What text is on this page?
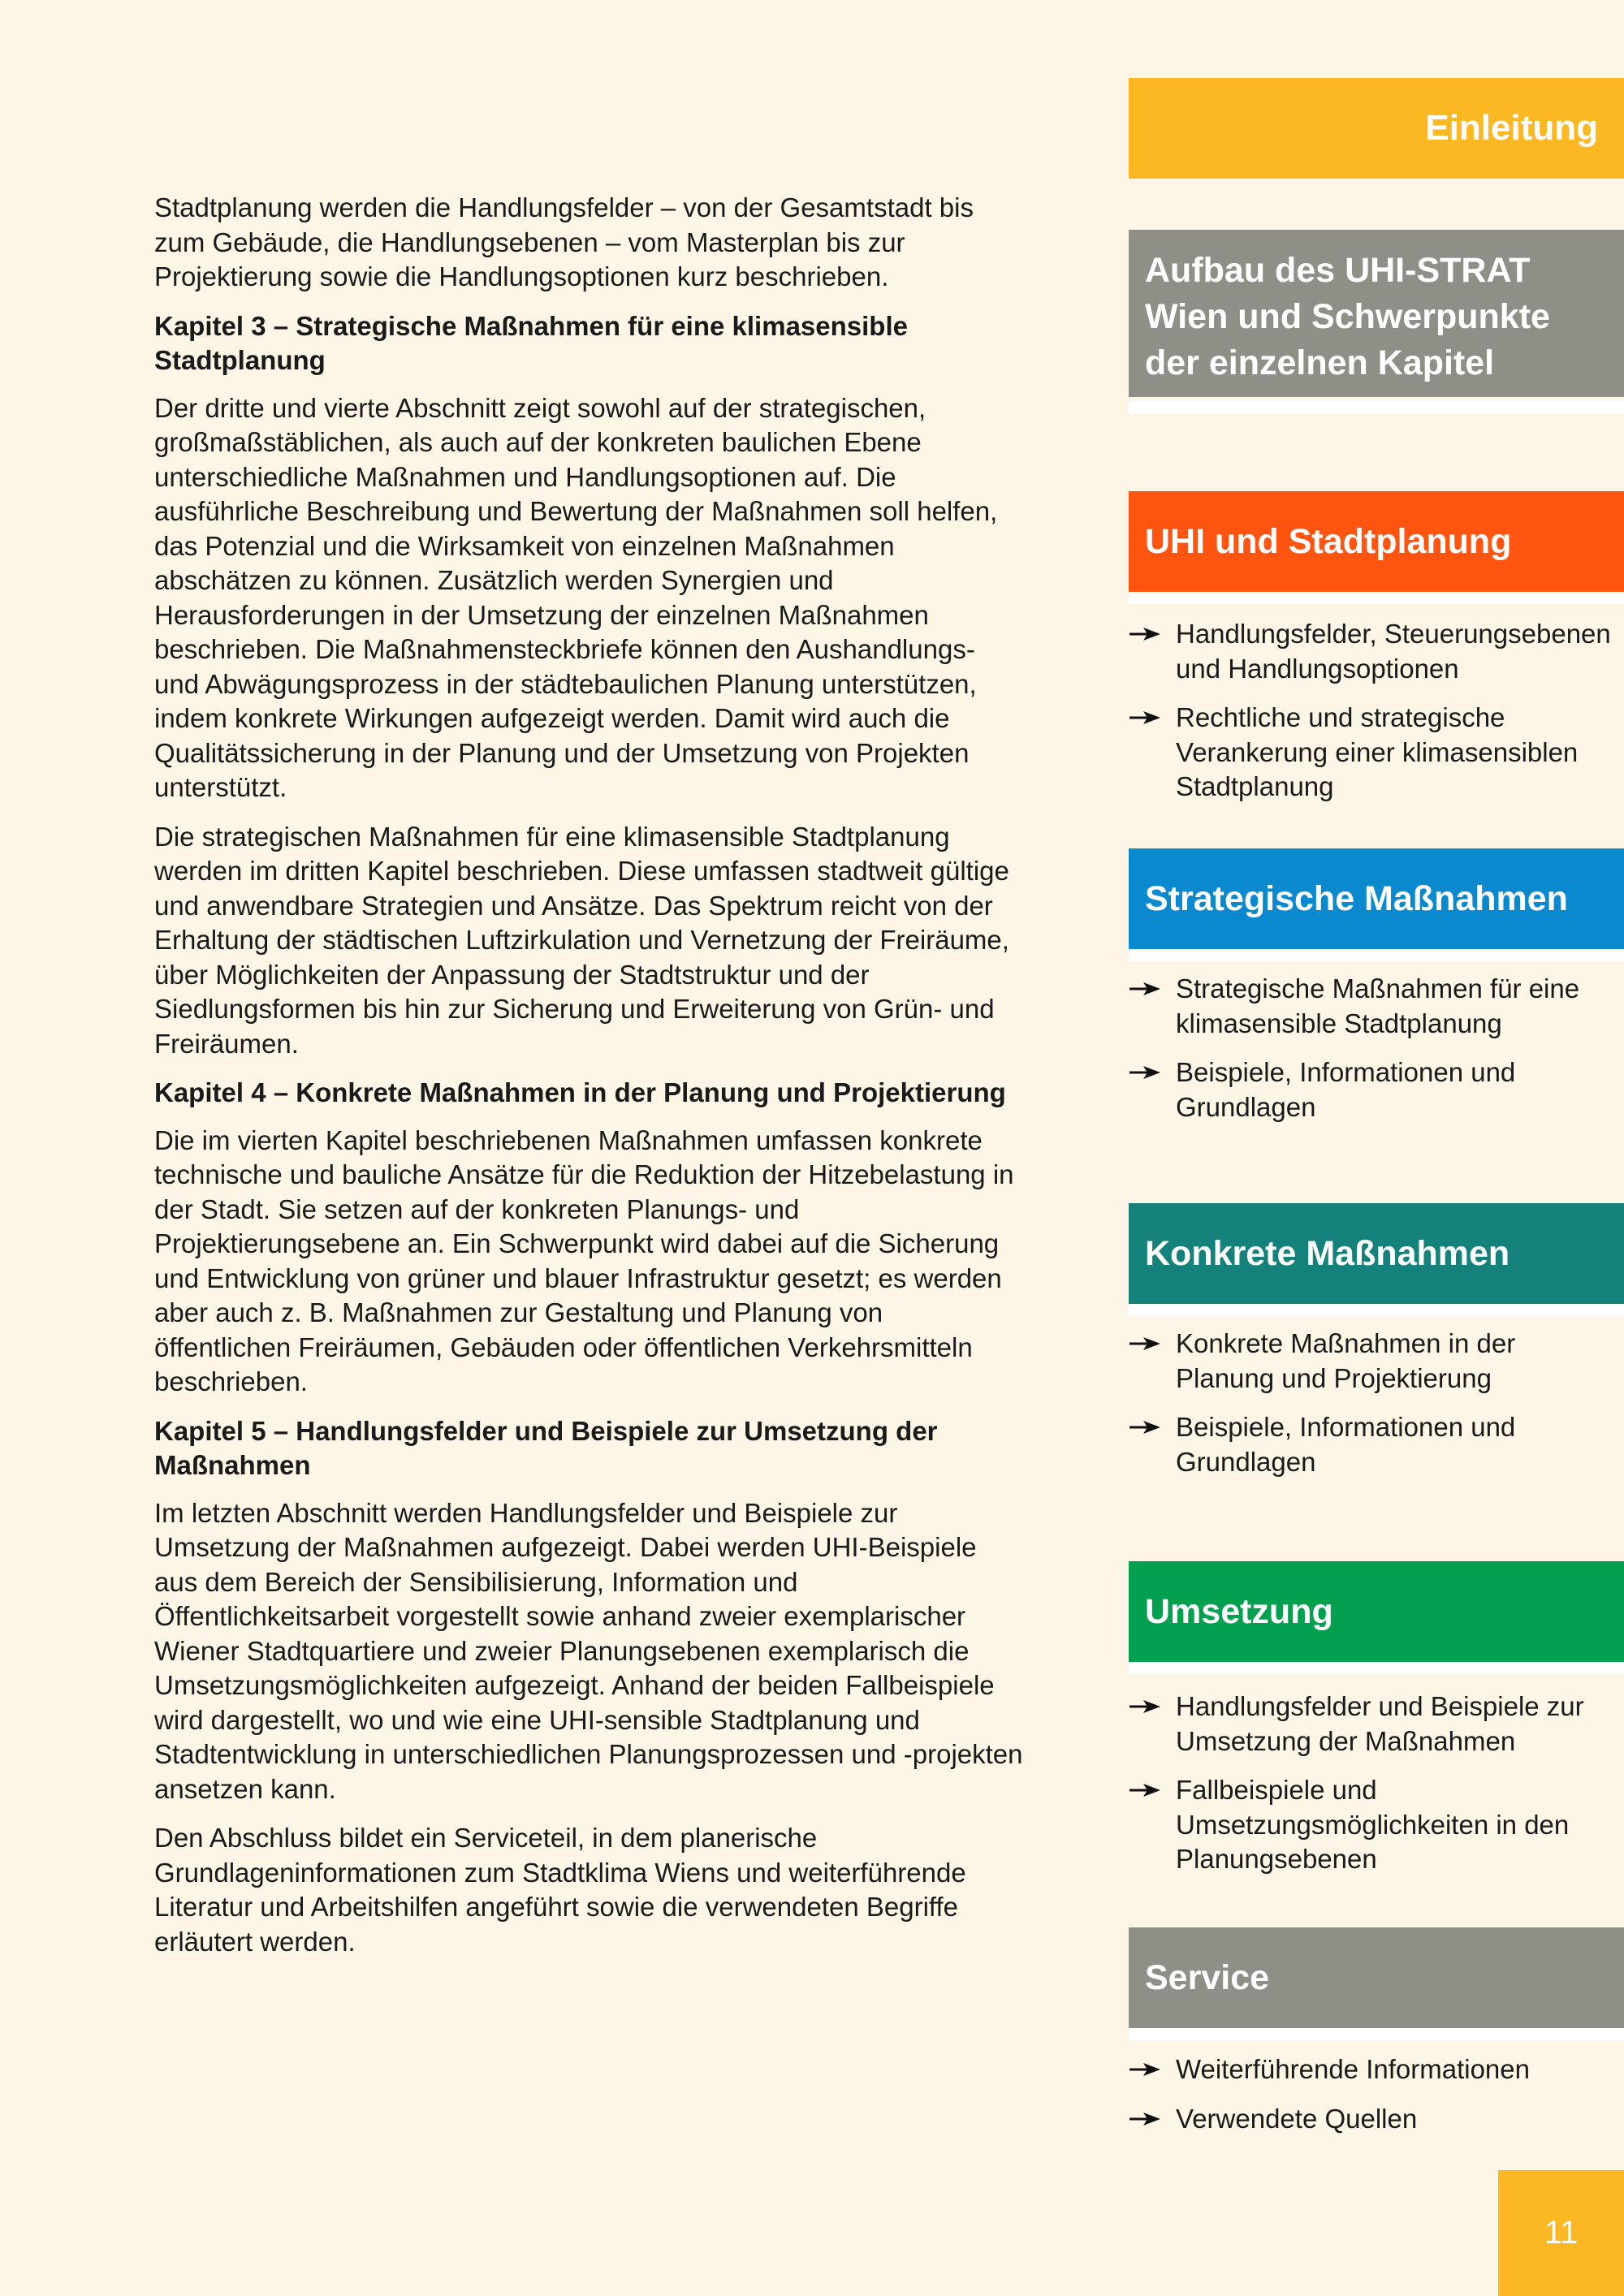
Stadtplanung werden die Handlungsfelder – von der Gesamtstadt bis zum Gebäude, die Handlungsebenen – vom Masterplan bis zur Projektierung sowie die Handlungsoptionen kurz beschrieben.

Kapitel 3 – Strategische Maßnahmen für eine klimasensible Stadtplanung

Der dritte und vierte Abschnitt zeigt sowohl auf der strategischen, großmaßstäblichen, als auch auf der konkreten baulichen Ebene unterschiedliche Maßnahmen und Handlungsoptionen auf. Die ausführliche Beschreibung und Bewertung der Maßnahmen soll helfen, das Potenzial und die Wirksamkeit von einzelnen Maßnahmen abschätzen zu können. Zusätzlich werden Synergien und Herausforderungen in der Umsetzung der einzelnen Maßnahmen beschrieben. Die Maßnahmensteckbriefe können den Aushandlungs- und Abwägungsprozess in der städtebaulichen Planung unterstützen, indem konkrete Wirkungen aufgezeigt werden. Damit wird auch die Qualitätssicherung in der Planung und der Umsetzung von Projekten unterstützt.

Die strategischen Maßnahmen für eine klimasensible Stadtplanung werden im dritten Kapitel beschrieben. Diese umfassen stadtweit gültige und anwendbare Strategien und Ansätze. Das Spektrum reicht von der Erhaltung der städtischen Luftzirkulation und Vernetzung der Freiräume, über Möglichkeiten der Anpassung der Stadtstruktur und der Siedlungsformen bis hin zur Sicherung und Erweiterung von Grün- und Freiräumen.

Kapitel 4 – Konkrete Maßnahmen in der Planung und Projektierung

Die im vierten Kapitel beschriebenen Maßnahmen umfassen konkrete technische und bauliche Ansätze für die Reduktion der Hitzebelastung in der Stadt. Sie setzen auf der konkreten Planungs- und Projektierungsebene an. Ein Schwerpunkt wird dabei auf die Sicherung und Entwicklung von grüner und blauer Infrastruktur gesetzt; es werden aber auch z. B. Maßnahmen zur Gestaltung und Planung von öffentlichen Freiräumen, Gebäuden oder öffentlichen Verkehrsmitteln beschrieben.

Kapitel 5 – Handlungsfelder und Beispiele zur Umsetzung der Maßnahmen

Im letzten Abschnitt werden Handlungsfelder und Beispiele zur Umsetzung der Maßnahmen aufgezeigt. Dabei werden UHI-Beispiele aus dem Bereich der Sensibilisierung, Information und Öffentlichkeitsarbeit vorgestellt sowie anhand zweier exemplarischer Wiener Stadtquartiere und zweier Planungsebenen exemplarisch die Umsetzungsmöglichkeiten aufgezeigt. Anhand der beiden Fallbeispiele wird dargestellt, wo und wie eine UHI-sensible Stadtplanung und Stadtentwicklung in unterschiedlichen Planungsprozessen und -projekten ansetzen kann.

Den Abschluss bildet ein Serviceteil, in dem planerische Grundlageninformationen zum Stadtklima Wiens und weiterführende Literatur und Arbeitshilfen angeführt sowie die verwendeten Begriffe erläutert werden.

Einleitung
Aufbau des UHI-STRAT Wien und Schwerpunkte der einzelnen Kapitel
UHI und Stadtplanung
Handlungsfelder, Steuerungsebenen und Handlungsoptionen
Rechtliche und strategische Verankerung einer klimasensiblen Stadtplanung
Strategische Maßnahmen
Strategische Maßnahmen für eine klimasensible Stadtplanung
Beispiele, Informationen und Grundlagen
Konkrete Maßnahmen
Konkrete Maßnahmen in der Planung und Projektierung
Beispiele, Informationen und Grundlagen
Umsetzung
Handlungsfelder und Beispiele zur Umsetzung der Maßnahmen
Fallbeispiele und Umsetzungsmöglichkeiten in den Planungsebenen
Service
Weiterführende Informationen
Verwendete Quellen
11
